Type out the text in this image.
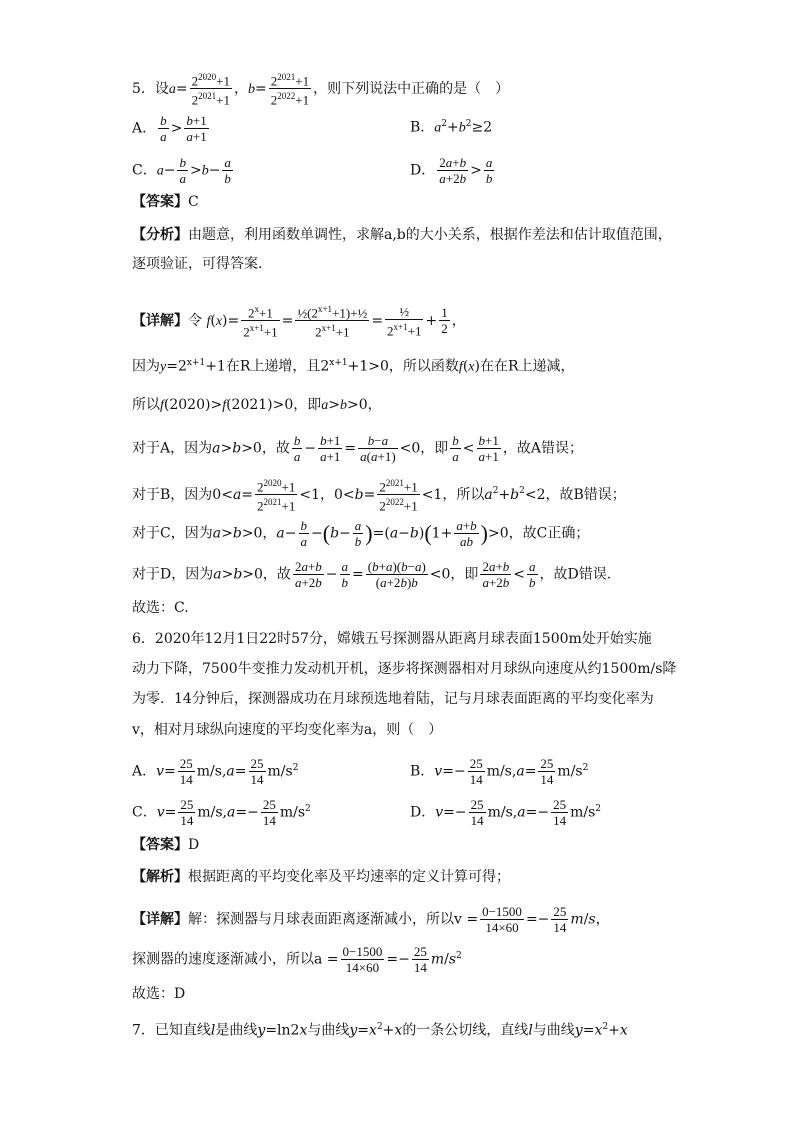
5．设$a= \frac{2^{2020}+1}{2^{2021}+1}$ ，$b= \frac{2^{2021}+1}{2^{2022}+1}$ ，则下列说法中正确的是（　）
A． $\frac{b}{a} > \frac{b+1}{a+1}$	B．$a^2+b^2\ge 2$
C．$a- \frac{b}{a} >b- \frac{a}{b}$	D． $\frac{2a+b}{a+2b} > \frac{a}{b}$
【答案】C
【分析】由题意，利用函数单调性，求解a,b的大小关系，根据作差法和估计取值范围，
逐项验证，可得答案.
【详解】令 $f(x)= \frac{2^x+1}{2^{x+1}+1} = \frac{\frac{1}{2}(2^{x+1}+1)+\frac{1}{2}}{2^{x+1}+1} = \frac{\text{½}}{2^{x+1}+1} + \frac{1}{2}$ ，
因为$y=2^{x+1}+1$在R上递增，且$2^{x+1}+1>0$，所以函数f(x)在在R上递减，
所以f(2020)>f(2021)>0，即a>b>0，
对于A，因为a>b>0，故 $\frac{b}{a} - \frac{b+1}{a+1} = \frac{b-a}{a(a+1)} <0$，即 $\frac{b}{a} < \frac{b+1}{a+1}$ ，故A错误；
对于B，因为$0<a= \frac{2^{2020}+1}{2^{2021}+1} <1$，$0<b= \frac{2^{2021}+1}{2^{2022}+1} <1$，所以$a^2+b^2<2$，故B错误；
对于C，因为a>b>0，$a- \frac{b}{a} -(b- \frac{a}{b} )=(a-b)(1+ \frac{a+b}{ab} )>0$，故C正确；
对于D，因为a>b>0，故 $\frac{2a+b}{a+2b} - \frac{a}{b} = \frac{(b+a)(b-a)}{(a+2b)b} <0$，即 $\frac{2a+b}{a+2b} < \frac{a}{b}$ ，故D错误.
故选：C.
6．2020年12月1日22时57分，嫦娥五号探测器从距离月球表面1500m处开始实施
动力下降，7500牛变推力发动机开机，逐步将探测器相对月球纵向速度从约1500m/s降
为零．14分钟后，探测器成功在月球预选地着陆，记与月球表面距离的平均变化率为
v，相对月球纵向速度的平均变化率为a，则（　）
A．$v= \frac{25}{14} m/s,a= \frac{25}{14} m/s^2$	B．$v=- \frac{25}{14} m/s,a= \frac{25}{14} m/s^2$
C．$v= \frac{25}{14} m/s,a=- \frac{25}{14} m/s^2$	D．$v=- \frac{25}{14} m/s,a=- \frac{25}{14} m/s^2$
【答案】D
【解析】根据距离的平均变化率及平均速率的定义计算可得；
【详解】解：探测器与月球表面距离逐渐减小，所以$v = \frac{0-1500}{14\times 60} =- \frac{25}{14} m/s$，
探测器的速度逐渐减小，所以$a = \frac{0-1500}{14\times 60} =- \frac{25}{14} m/s^2$
故选：D
7．已知直线l是曲线y=ln2x与曲线$y=x^2+x$的一条公切线，直线l与曲线$y=x^2+x$
